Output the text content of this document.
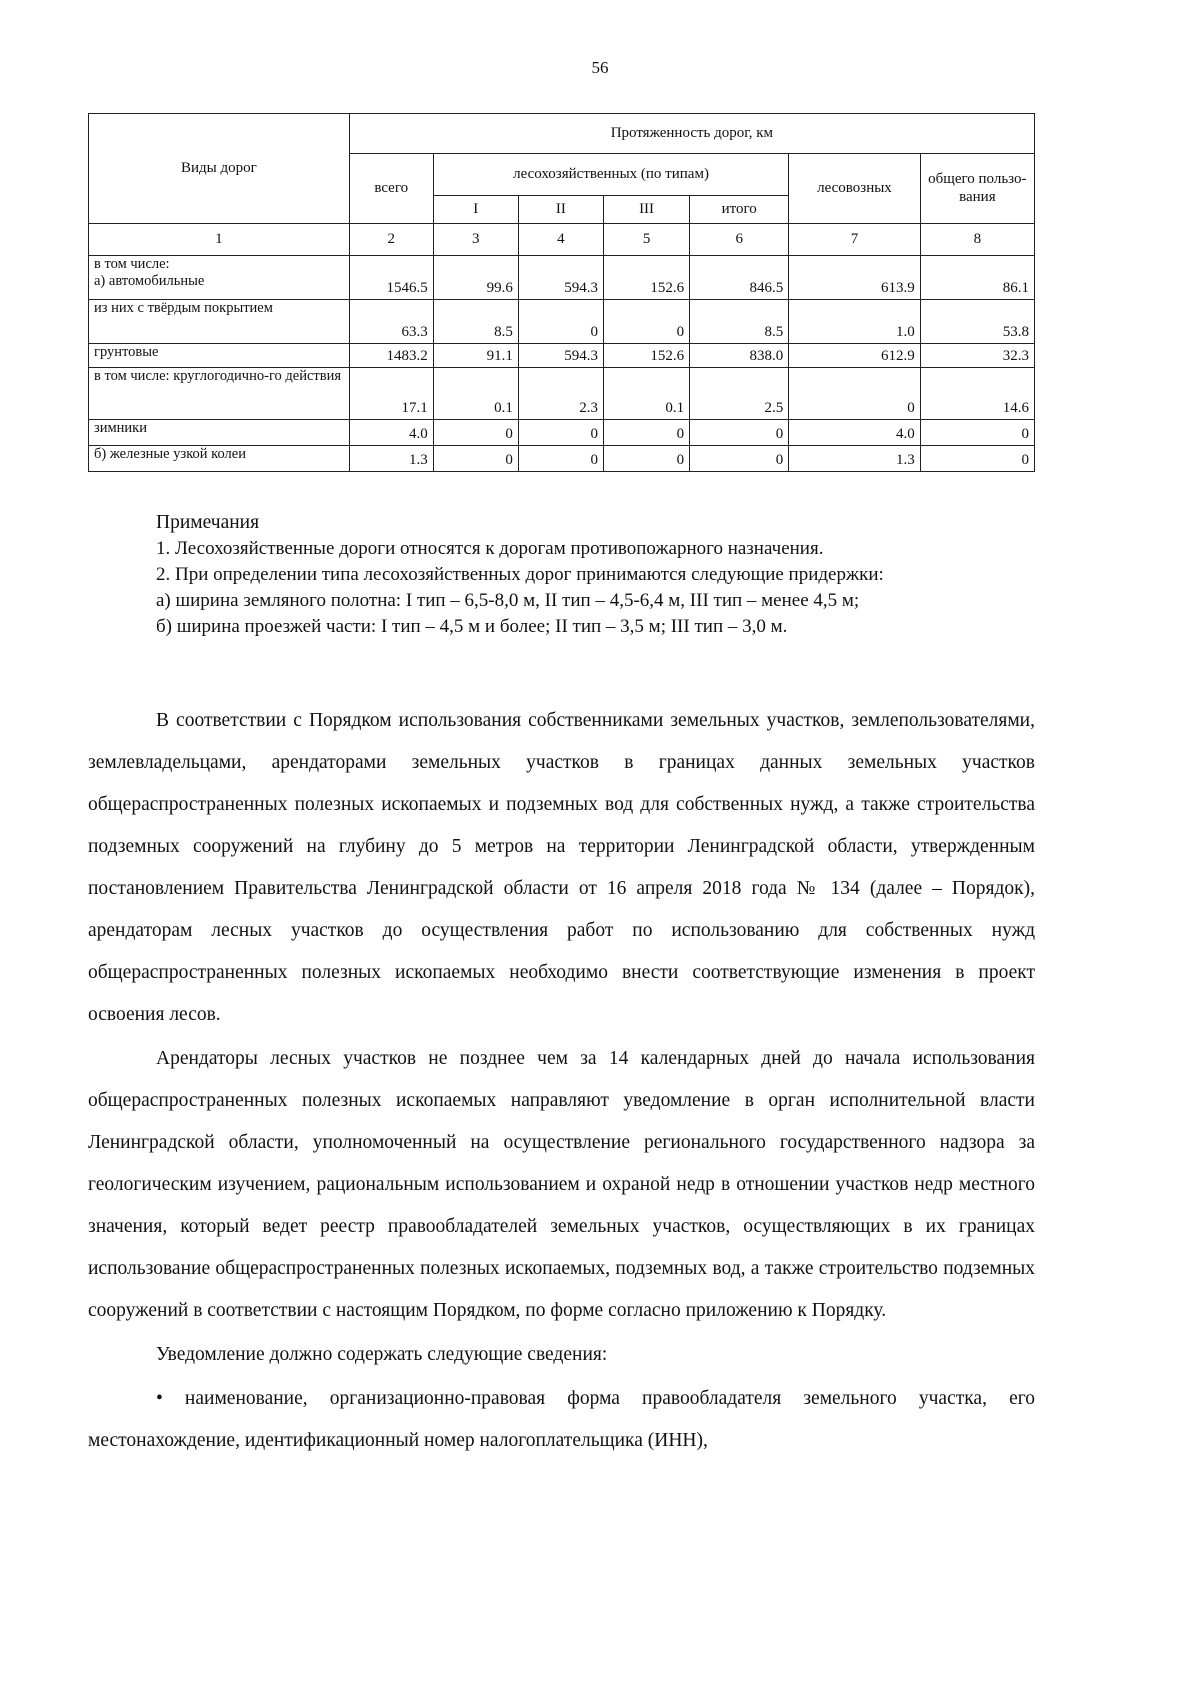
56
Виды дорог	Протяженность дорог, км						
	всего	лесохозяйственных (по типам)				лесовозных	общего пользо-вания
		I	II	III	итого		
1	2	3	4	5	6	7	8
в том числе:
а) автомобильные	1546.5	99.6	594.3	152.6	846.5	613.9	86.1
из них с твёрдым покрытием	63.3	8.5	0	0	8.5	1.0	53.8
грунтовые	1483.2	91.1	594.3	152.6	838.0	612.9	32.3
в том числе: круглогодично-го действия	17.1	0.1	2.3	0.1	2.5	0	14.6
зимники	4.0	0	0	0	0	4.0	0
б) железные узкой колеи	1.3	0	0	0	0	1.3	0

Примечания

1. Лесохозяйственные дороги относятся к дорогам противопожарного назначения.

2. При определении типа лесохозяйственных дорог принимаются следующие придержки:

а) ширина земляного полотна: I тип – 6,5-8,0 м, II тип – 4,5-6,4 м, III тип – менее 4,5 м;

б) ширина проезжей части: I тип – 4,5 м и более; II тип – 3,5 м; III тип – 3,0 м.

В соответствии с Порядком использования собственниками земельных участков, землепользователями, землевладельцами, арендаторами земельных участков в границах данных земельных участков общераспространенных полезных ископаемых и подземных вод для собственных нужд, а также строительства подземных сооружений на глубину до 5 метров на территории Ленинградской области, утвержденным постановлением Правительства Ленинградской области от 16 апреля 2018 года № 134 (далее – Порядок), арендаторам лесных участков до осуществления работ по использованию для собственных нужд общераспространенных полезных ископаемых необходимо внести соответствующие изменения в проект освоения лесов.

Арендаторы лесных участков не позднее чем за 14 календарных дней до начала использования общераспространенных полезных ископаемых направляют уведомление в орган исполнительной власти Ленинградской области, уполномоченный на осуществление регионального государственного надзора за геологическим изучением, рациональным использованием и охраной недр в отношении участков недр местного значения, который ведет реестр правообладателей земельных участков, осуществляющих в их границах использование общераспространенных полезных ископаемых, подземных вод, а также строительство подземных сооружений в соответствии с настоящим Порядком, по форме согласно приложению к Порядку.

Уведомление должно содержать следующие сведения:

• наименование, организационно-правовая форма правообладателя земельного участка, его местонахождение, идентификационный номер налогоплательщика (ИНН),
